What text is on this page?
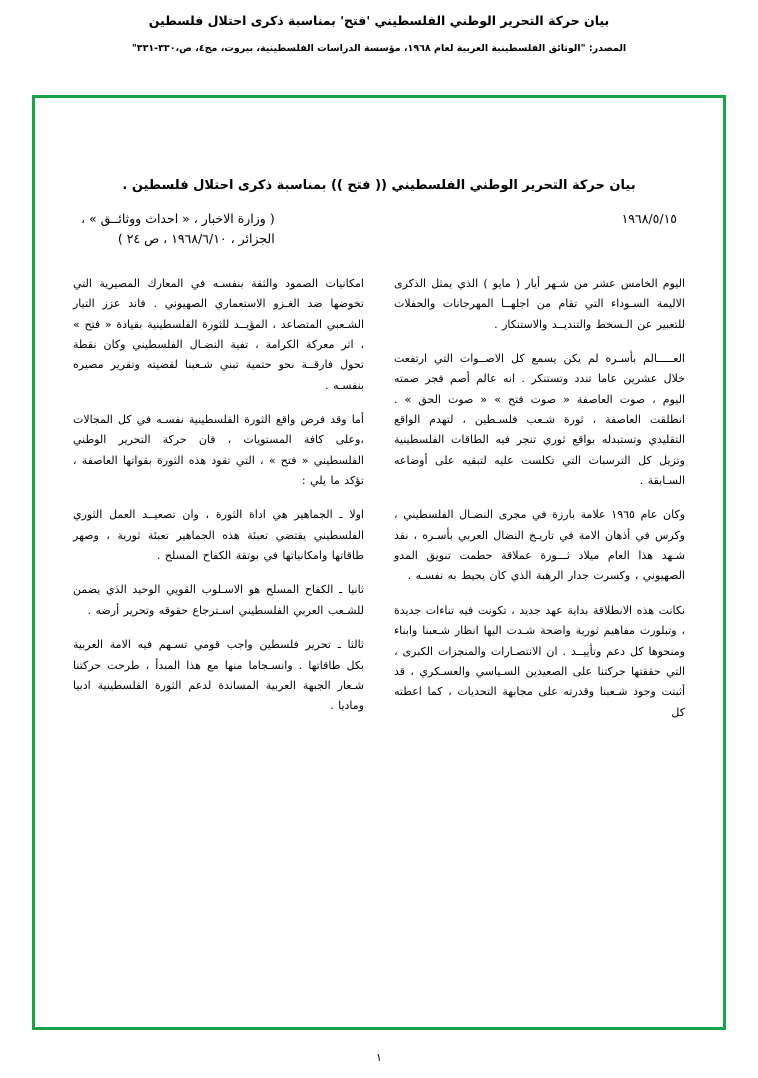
بيان حركة التحرير الوطني الفلسطيني 'فتح' بمناسبة ذكرى احتلال فلسطين
المصدر: "الوثائق الفلسطينية العربية لعام ١٩٦٨، مؤسسة الدراسات الفلسطينية، بيروت، مج٤، ص،٣٣٠-٣٣١"
بيان حركة التحرير الوطني الفلسطيني (( فتح )) بمناسبة ذكرى احتلال فلسطين .
١٩٦٨/٥/١٥
( وزارة الاخبار ، « احداث ووثائــق » ،
الجزائر ، ١٩٦٨/٦/١٠ ، ص ٢٤ )

اليوم الخامس عشر من شـهر أيار ( مايو ) الذي يمثل الذكرى الاليمة السـوداء التي تقام من اجلهــا المهرجانات والحفلات للتعبير عن الـسخط والتنديــد والاستنكار .

العـــــالم بأسـره لم يكن يسمع كل الاصــوات التي ارتفعت خلال عشرين عاما تندد وتستنكر . انه عالم أصم فجر صمته اليوم ، صوت العاصفة « صوت فتح » « صوت الحق » . انطلقت العاصفة ، ثورة شـعب فلسـطين ، لتهدم الواقع التقليدي وتستبدله بواقع ثوري تنجر فيه الطاقات الفلسطينية وتزيل كل الترسبات التي تكلست عليه لتبقيه على أوضاعه السـابقة .

وكان عام ١٩٦٥ علامة بارزة في مجرى النضـال الفلسطيني ، وكرس في أذهان الامة في تاريـخ النضال العربي بأسـره ، نقد شـهد هذا العام ميلاد ثـــورة عملاقة حطمت تنويق المدو الصهيوني ، وكسرت جدار الرهبة الذي كان يحيط به نفسـه .

نكانت هذه الانطلاقة بداية عهد جديد ، تكونت فيه تناءات جديدة ، وتبلورت مفاهيم ثورية واضحة شـدت اليها انظار شـعبنا وابناء ومنحوها كل دعم وتأييــد . ان الانتصـارات والمنجزات الكبرى ، التي حققتها حركتنا على الصعيدين السـياسي والعسـكري ، قد أثبتت وجود شـعبنا وقدرته على مجابهة التحديات ، كما اعطته كل

امكانيات الصمود والثقة بنفسـه في المعارك المصيرية التي تخوضها ضد الغـزو الاستعماري الصهيوني . فاند عزز التيار الشـعبي المتصاعد ، المؤيــد للثورة الفلسطينية بقيادة « فتح » ، اثر معركة الكرامة ، تفية النضـال الفلسطيني وكان نقطة تحول فارقــة نحو حتمية تبني شـعبنا لقضيته وتقرير مصيره بنفسـه .

أما وقد فرض واقع الثورة الفلسطينية نفسـه في كل المجالات ،وعلى كافة المستويات ، فان حركة التحرير الوطني الفلسطيني « فتح » ، التي تقود هذه الثورة بقواتها العاصفة ، تؤكد ما يلي :

اولا ـ الجماهير هي اداة الثورة ، وان تصعيــد العمل الثوري الفلسطيني يقتضي تعبئة هذه الجماهير تعبئة ثورية ، وصهر طاقاتها وامكانياتها في بوتقة الكفاح المسلح .

ثانيا ـ الكفاح المسلح هو الاسـلوب القويي الوحيد الذي يضمن للشـعب العربي الفلسطيني اسـترجاع حقوقه وتحرير أرضه .

ثالثا ـ تحرير فلسطين واجب قومي تسـهم فيه الامة العربية بكل طاقاتها . وانسـجاما منها مع هذا المبدأ ، طرحت حركتنا شـعار الجبهة العربية المساندة لدعم الثورة الفلسطينية ادبيا وماديا .

١
